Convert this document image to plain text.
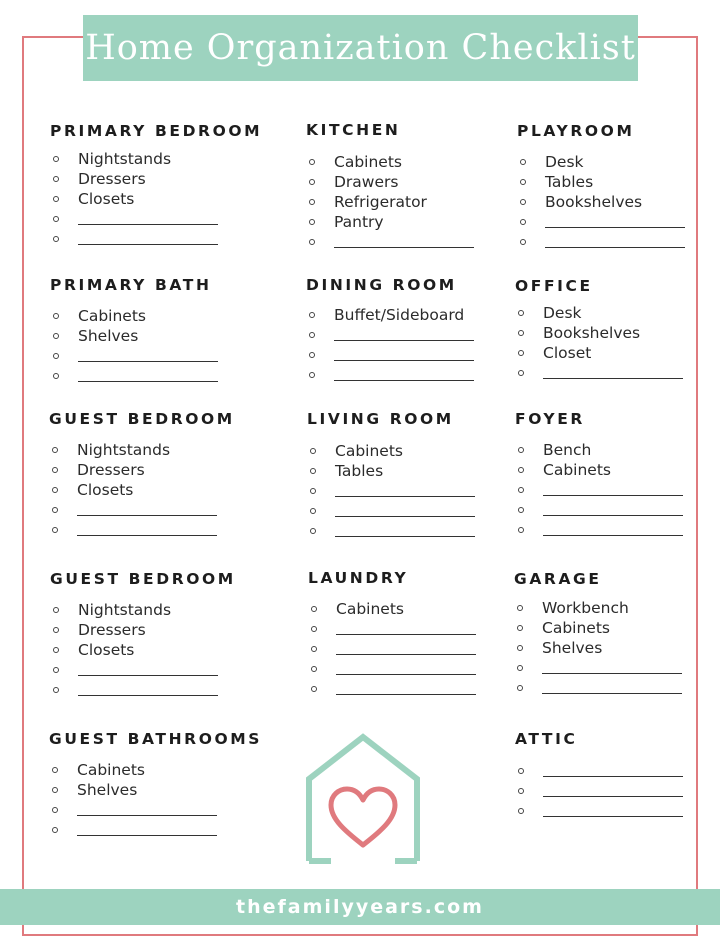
Home Organization Checklist
PRIMARY BEDROOM
Nightstands
Dressers
Closets
KITCHEN
Cabinets
Drawers
Refrigerator
Pantry
PLAYROOM
Desk
Tables
Bookshelves
PRIMARY BATH
Cabinets
Shelves
DINING ROOM
Buffet/Sideboard
OFFICE
Desk
Bookshelves
Closet
GUEST BEDROOM
Nightstands
Dressers
Closets
LIVING ROOM
Cabinets
Tables
FOYER
Bench
Cabinets
GUEST BEDROOM
Nightstands
Dressers
Closets
LAUNDRY
Cabinets
GARAGE
Workbench
Cabinets
Shelves
GUEST BATHROOMS
Cabinets
Shelves
ATTIC
thefamilyyears.com
